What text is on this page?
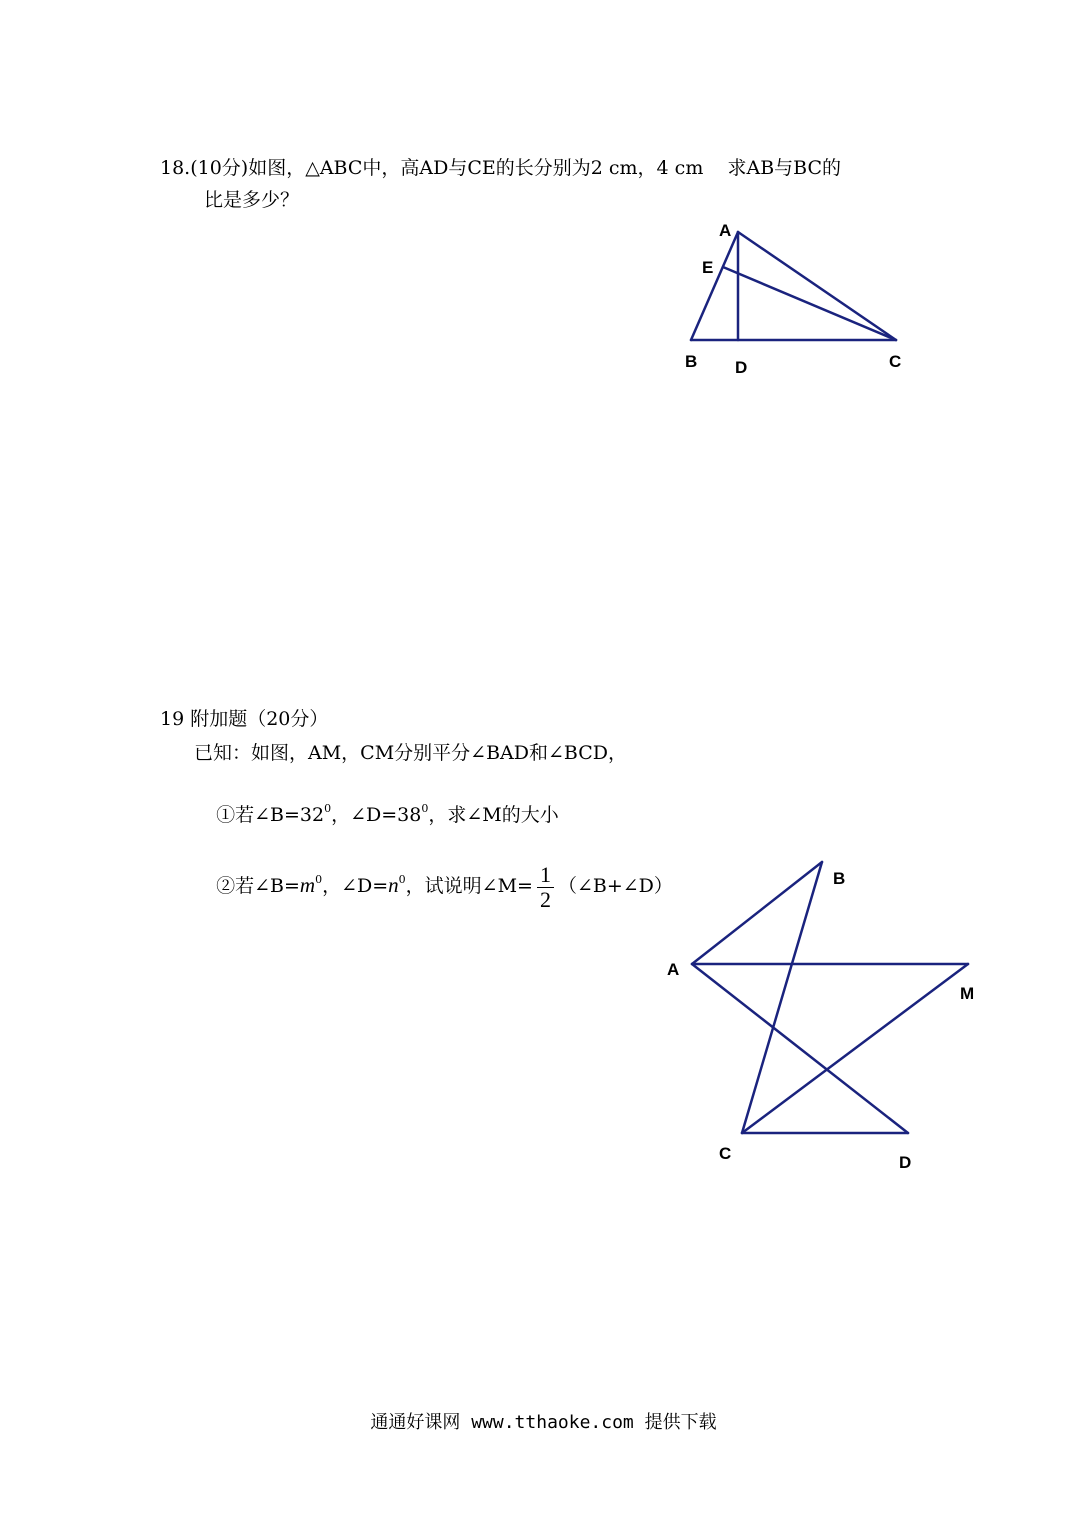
18.(10分)如图，△ABC中，高AD与CE的长分别为2 cm，4 cm    求AB与BC的
比是多少？
A
E
B D	C
19 附加题（20分）
已知：如图，AM，CM分别平分∠BAD和∠BCD，

①若$\angle B=32^0$，$\angle D=38^0$，求∠M的大小

②若$\angle B=m^0$，$\angle D=n^0$，试说明∠M= $\frac{1}{2}$ （∠B+∠D）	B
A
M
C	D
通通好课网 www.tthaoke.com 提供下载
